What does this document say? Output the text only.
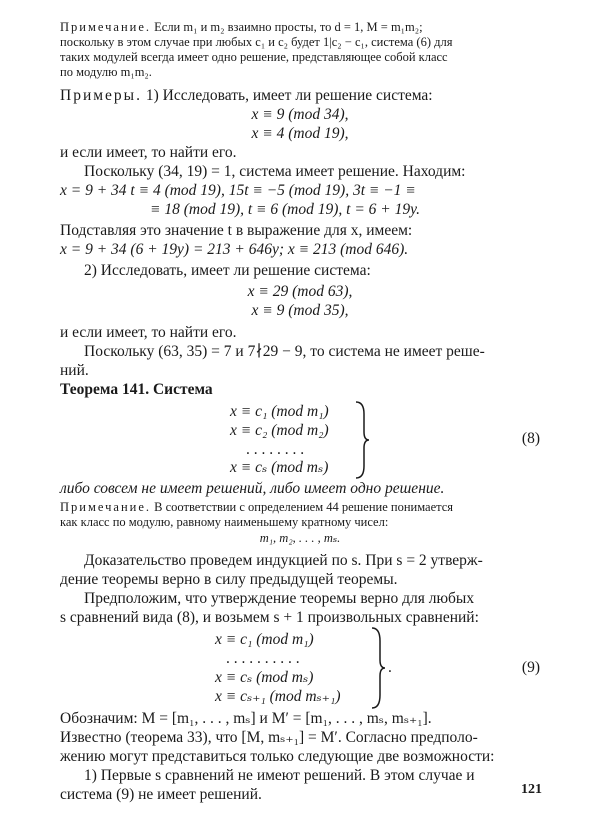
Примечание. Если m₁ и m₂ взаимно просты, то d = 1, M = m₁m₂;

поскольку в этом случае при любых c₁ и c₂ будет 1|c₂ − c₁, система (6) для

таких модулей всегда имеет одно решение, представляющее собой класс

по модулю m₁m₂.

Примеры. 1) Исследовать, имеет ли решение система:

x ≡ 9 (mod 34),

x ≡ 4 (mod 19),

и если имеет, то найти его.

Поскольку (34, 19) = 1, система имеет решение. Находим:

x = 9 + 34 t ≡ 4 (mod 19), 15t ≡ −5 (mod 19), 3t ≡ −1 ≡

≡ 18 (mod 19), t ≡ 6 (mod 19), t = 6 + 19y.

Подставляя это значение t в выражение для x, имеем:

x = 9 + 34 (6 + 19y) = 213 + 646y; x ≡ 213 (mod 646).

2) Исследовать, имеет ли решение система:

x ≡ 29 (mod 63),

x ≡ 9 (mod 35),

и если имеет, то найти его.

Поскольку (63, 35) = 7 и 7∤29 − 9, то система не имеет реше-

ний.

Теорема 141. Система

x ≡ c₁ (mod m₁)
x ≡ c₂ (mod m₂)
. . . . . . . .
x ≡ cₛ (mod mₛ)
(8)

либо совсем не имеет решений, либо имеет одно решение.

Примечание. В соответствии с определением 44 решение понимается

как класс по модулю, равному наименьшему кратному чисел:

m₁, m₂, . . . , mₛ.

Доказательство проведем индукцией по s. При s = 2 утверж-

дение теоремы верно в силу предыдущей теоремы.

Предположим, что утверждение теоремы верно для любых

s сравнений вида (8), и возьмем s + 1 произвольных сравнений:

x ≡ c₁ (mod m₁)
. . . . . . . . . .
x ≡ cₛ (mod mₛ)
x ≡ cₛ₊₁ (mod mₛ₊₁)
.	(9)

Обозначим: M = [m₁, . . . , mₛ] и M′ = [m₁, . . . , mₛ, mₛ₊₁].

Известно (теорема 33), что [M, mₛ₊₁] = M′. Согласно предполо-

жению могут представиться только следующие две возможности:

1) Первые s сравнений не имеют решений. В этом случае и

система (9) не имеет решений.	121
